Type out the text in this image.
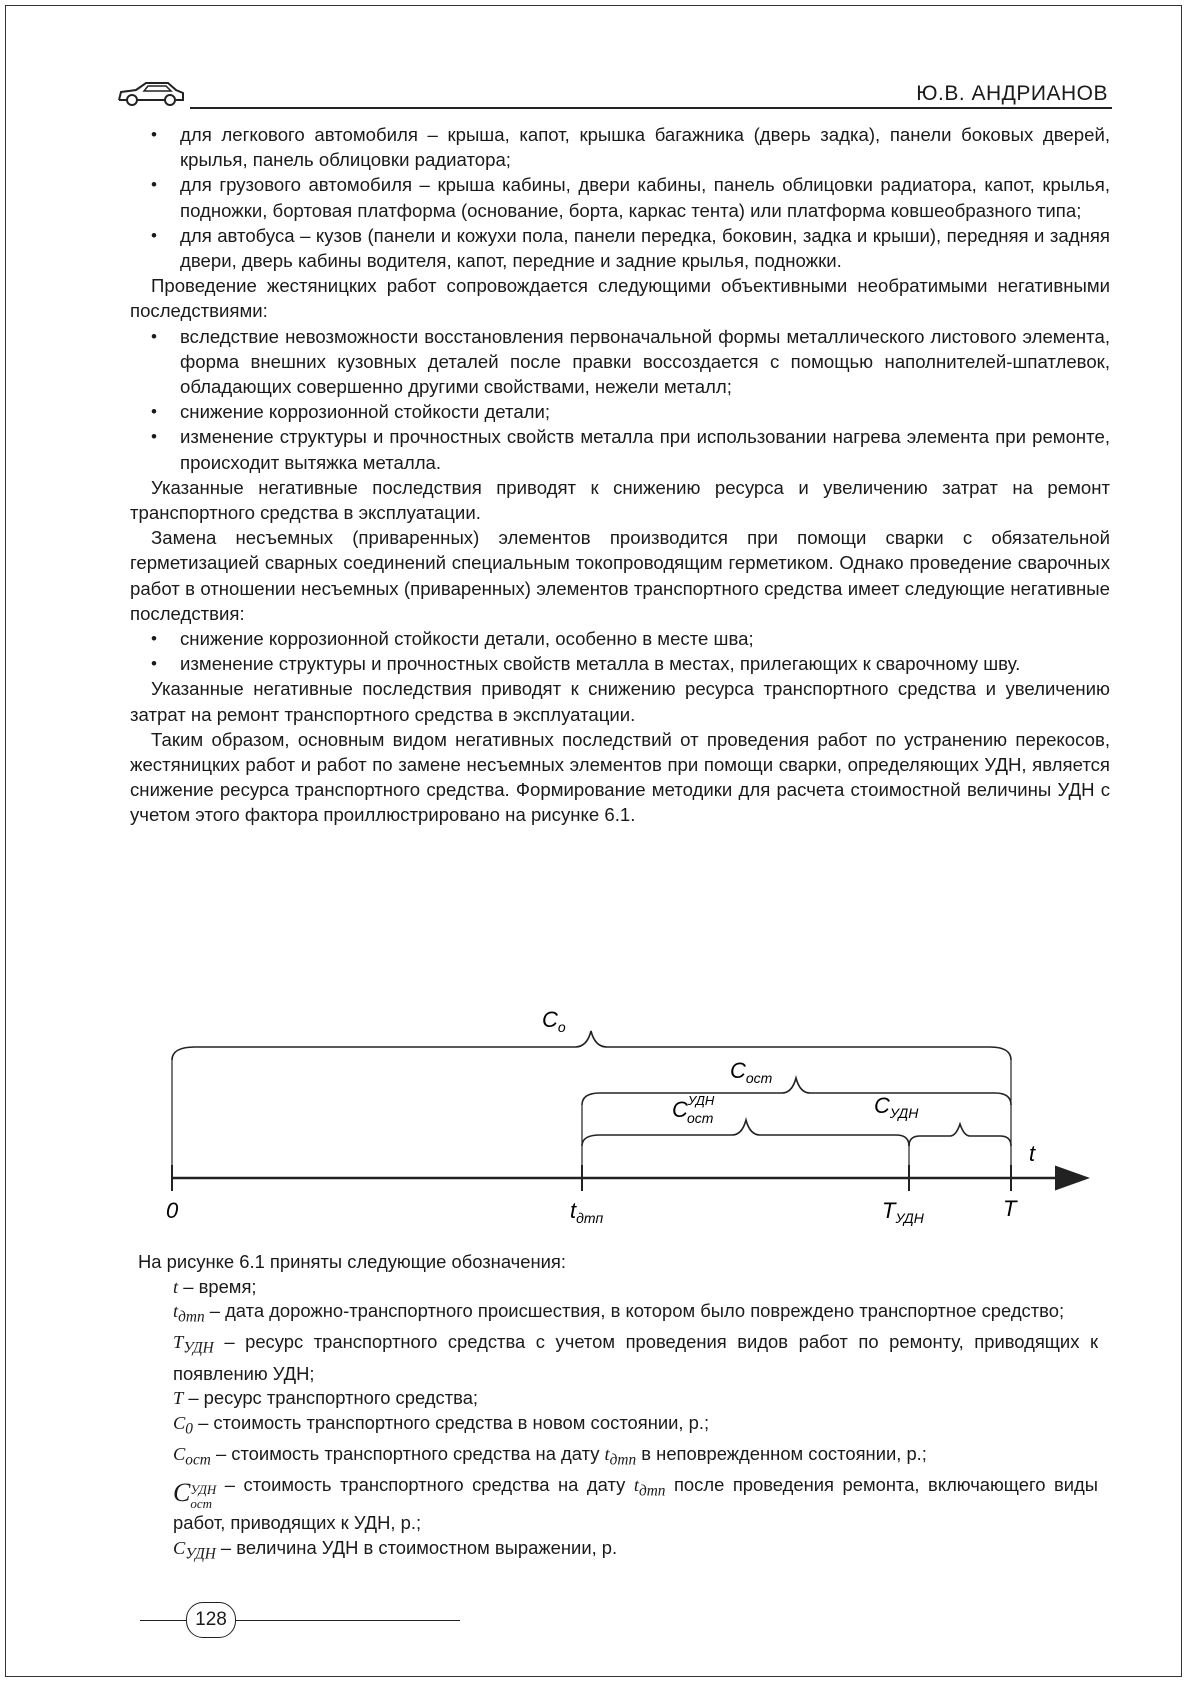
Ю.В. АНДРИАНОВ
• для легкового автомобиля – крыша, капот, крышка багажника (дверь задка), панели боковых дверей, крылья, панель облицовки радиатора;
• для грузового автомобиля – крыша кабины, двери кабины, панель облицовки радиатора, капот, крылья, подножки, бортовая платформа (основание, борта, каркас тента) или платформа ковшеобразного типа;
• для автобуса – кузов (панели и кожухи пола, панели передка, боковин, задка и крыши), передняя и задняя двери, дверь кабины водителя, капот, передние и задние крылья, подножки.

Проведение жестяницких работ сопровождается следующими объективными необратимыми негативными последствиями:

• вследствие невозможности восстановления первоначальной формы металлического листового элемента, форма внешних кузовных деталей после правки воссоздается с помощью наполнителей-шпатлевок, обладающих совершенно другими свойствами, нежели металл;
• снижение коррозионной стойкости детали;
• изменение структуры и прочностных свойств металла при использовании нагрева элемента при ремонте, происходит вытяжка металла.

Указанные негативные последствия приводят к снижению ресурса и увеличению затрат на ремонт транспортного средства в эксплуатации.

Замена несъемных (приваренных) элементов производится при помощи сварки с обязательной герметизацией сварных соединений специальным токопроводящим герметиком. Однако проведение сварочных работ в отношении несъемных (приваренных) элементов транспортного средства имеет следующие негативные последствия:

• снижение коррозионной стойкости детали, особенно в месте шва;
• изменение структуры и прочностных свойств металла в местах, прилегающих к сварочному шву.

Указанные негативные последствия приводят к снижению ресурса транспортного средства и увеличению затрат на ремонт транспортного средства в эксплуатации.

Таким образом, основным видом негативных последствий от проведения работ по устранению перекосов, жестяницких работ и работ по замене несъемных элементов при помощи сварки, определяющих УДН, является снижение ресурса транспортного средства. Формирование методики для расчета стоимостной величины УДН с учетом этого фактора проиллюстрировано на рисунке 6.1.

$C_o$
$C_{ост}$
$C^{УДН}$ ост	$C_{УДН}$
t
0	$t_{дтп}$	$T_{УДН}$	T

На рисунке 6.1 приняты следующие обозначения:

t – время;

$t_{дтп}$ – дата дорожно-транспортного происшествия, в котором было повреждено транспортное средство;

$T_{УДН}$ – ресурс транспортного средства с учетом проведения видов работ по ремонту, приводящих к появлению УДН;

T – ресурс транспортного средства;

$C_0$ – стоимость транспортного средства в новом состоянии, р.;

$C_{ост}$ – стоимость транспортного средства на дату $t_{дтп}$ в неповрежденном состоянии, р.;

C УДН
ост
– стоимость транспортного средства на дату $t_{дтп}$ после проведения ремонта, включающего виды работ, приводящих к УДН, р.;

$C_{УДН}$ – величина УДН в стоимостном выражении, р.

128
